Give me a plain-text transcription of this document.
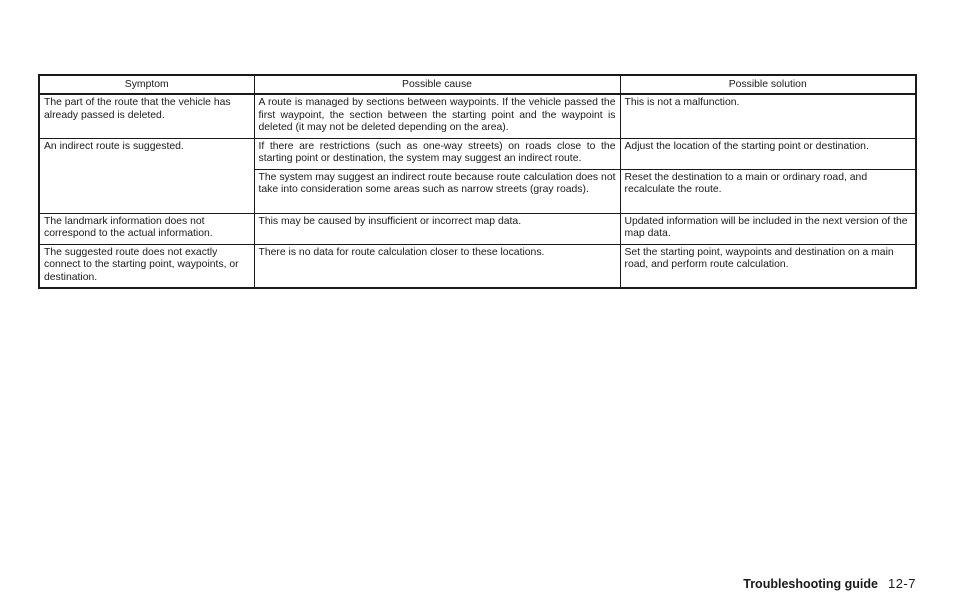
Symptom	Possible cause	Possible solution
The part of the route that the vehicle has already passed is deleted.	A route is managed by sections between waypoints. If the vehicle passed the first waypoint, the section between the starting point and the waypoint is deleted (it may not be deleted depending on the area).	This is not a malfunction.
An indirect route is suggested.	If there are restrictions (such as one-way streets) on roads close to the starting point or destination, the system may suggest an indirect route.	Adjust the location of the starting point or destination.
	The system may suggest an indirect route because route calculation does not take into consideration some areas such as narrow streets (gray roads).	Reset the destination to a main or ordinary road, and recalculate the route.
The landmark information does not correspond to the actual information.	This may be caused by insufficient or incorrect map data.	Updated information will be included in the next version of the map data.
The suggested route does not exactly connect to the starting point, waypoints, or destination.	There is no data for route calculation closer to these locations.	Set the starting point, waypoints and destination on a main road, and perform route calculation.
Troubleshooting guide 12-7
